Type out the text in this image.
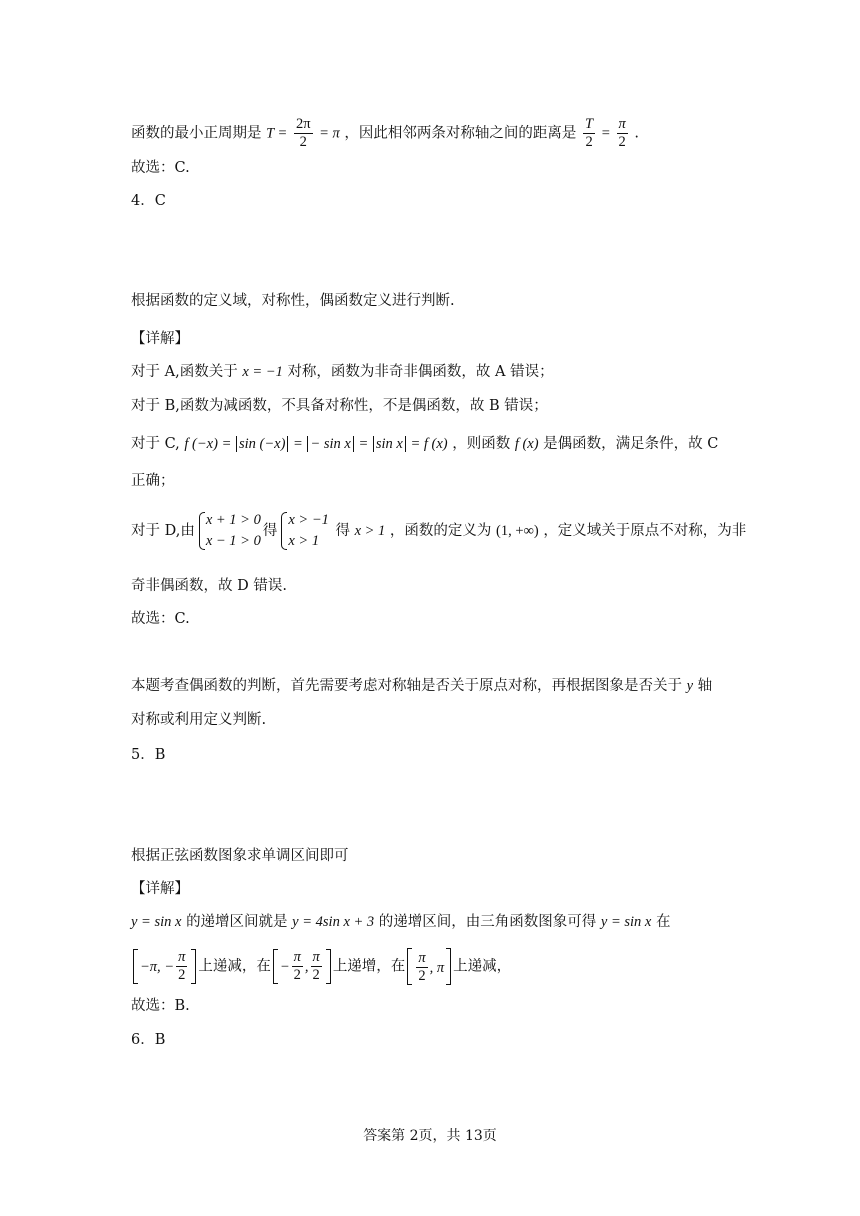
函数的最小正周期是 $T = \frac{2\pi}{2} = \pi$ ，因此相邻两条对称轴之间的距离是 $\frac{T}{2} = \frac{\pi}{2}$ .
故选：C.
4．C
根据函数的定义域，对称性，偶函数定义进行判断.
【详解】
对于 A,函数关于 x = −1 对称，函数为非奇非偶函数，故 A 错误；
对于 B,函数为减函数，不具备对称性，不是偶函数，故 B 错误；
对于 C, f (−x) = sin (−x) = − sin x = sin x = f (x) ，则函数 f (x) 是偶函数，满足条件，故 C
正确；
对于 D,由
x + 1 > 0
x − 1 > 0
得
x > −1
x > 1
得 x > 1 ，函数的定义为 (1, +∞) ，定义域关于原点不对称，为非
奇非偶函数，故 D 错误.
故选：C.
本题考查偶函数的判断，首先需要考虑对称轴是否关于原点对称，再根据图象是否关于 y 轴
对称或利用定义判断.
5．B
根据正弦函数图象求单调区间即可
【详解】
y = sin x 的递增区间就是 y = 4sin x + 3 的递增区间，由三角函数图象可得 y = sin x 在
−π, − $\frac{\pi}{2}$ 上递减，在 − $\frac{\pi}{2}$ , $\frac{\pi}{2}$ 上递增，在 $\frac{\pi}{2}$ , π 上递减，
故选：B.
6．B
答案第 2页，共 13页
